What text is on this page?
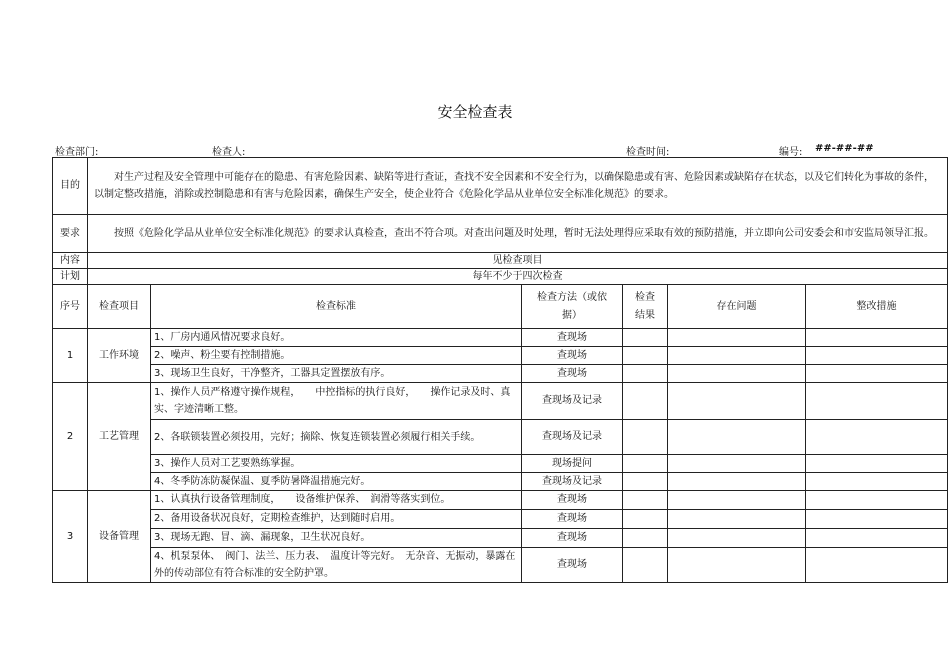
安全检查表
检查部门:	检查人:	检查时间:	编号: ##-##-##
目的	对生产过程及安全管理中可能存在的隐患、有害危险因素、缺陷等进行查证，查找不安全因素和不安全行为，以确保隐患或有害、危险因素或缺陷存在状态，以及它们转化为事故的条件，以制定整改措施，消除或控制隐患和有害与危险因素，确保生产安全，使企业符合《危险化学品从业单位安全标准化规范》的要求。					
要求	按照《危险化学品从业单位安全标准化规范》的要求认真检查，查出不符合项。对查出问题及时处理，暂时无法处理得应采取有效的预防措施，并立即向公司安委会和市安监局领导汇报。					
内容	见检查项目					
计划	每年不少于四次检查					
序号	检查项目	检查标准	检查方法（或依据）	检查结果	存在问题	整改措施
1	工作环境	1、厂房内通风情况要求良好。	查现场			
		2、噪声、粉尘要有控制措施。	查现场			
		3、现场卫生良好，干净整齐，工器具定置摆放有序。	查现场			
2	工艺管理	1、操作人员严格遵守操作规程，　　中控指标的执行良好，　　操作记录及时、真实、字迹清晰工整。	查现场及记录			
		2、各联锁装置必须投用，完好；摘除、恢复连锁装置必须履行相关手续。	查现场及记录			
		3、操作人员对工艺要熟练掌握。	现场提问			
		4、冬季防冻防凝保温、夏季防暑降温措施完好。	查现场及记录			
3	设备管理	1、认真执行设备管理制度，　　设备维护保养、　润滑等落实到位。	查现场			
		2、备用设备状况良好，定期检查维护，达到随时启用。	查现场			
		3、现场无跑、冒、滴、漏现象，卫生状况良好。	查现场			
		4、机泵泵体、　阀门、法兰、压力表、　温度计等完好。　无杂音、无振动，暴露在外的传动部位有符合标准的安全防护罩。	查现场			
